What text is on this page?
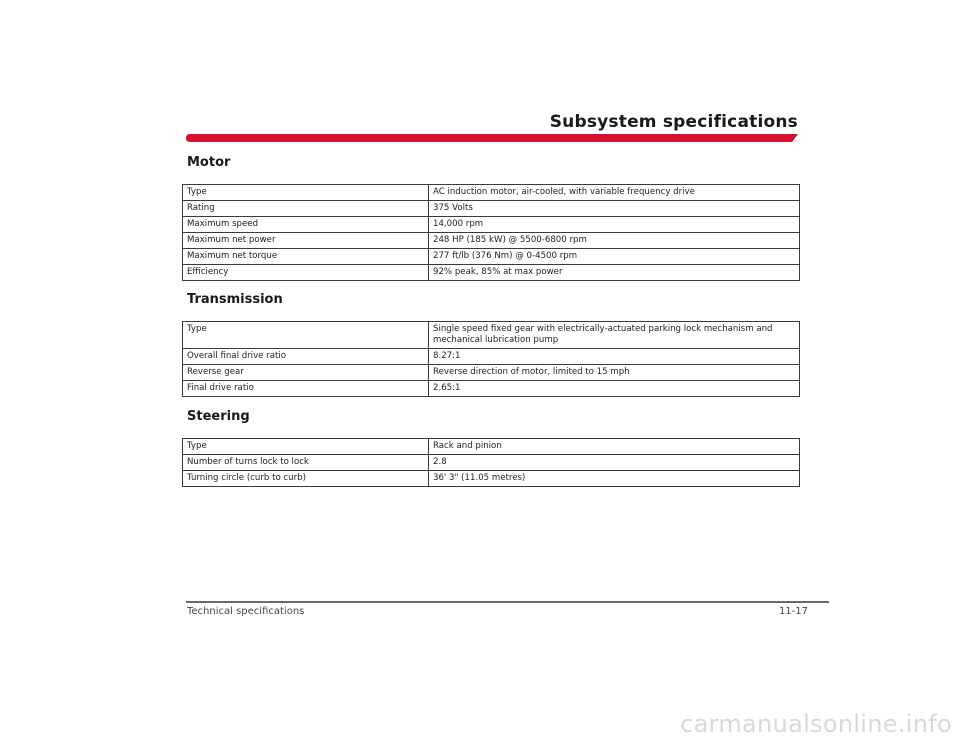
Subsystem specifications
Motor
Type	AC induction motor, air-cooled, with variable frequency drive
Rating	375 Volts
Maximum speed	14,000 rpm
Maximum net power	248 HP (185 kW) @ 5500-6800 rpm
Maximum net torque	277 ft/lb (376 Nm) @ 0-4500 rpm
Efficiency	92% peak, 85% at max power
Transmission
Type	Single speed fixed gear with electrically-actuated parking lock mechanism and
mechanical lubrication pump

Overall final drive ratio	8.27:1
Reverse gear	Reverse direction of motor, limited to 15 mph
Final drive ratio	2.65:1
Steering
Type	Rack and pinion
Number of turns lock to lock	2.8
Turning circle (curb to curb)	36' 3" (11.05 metres)
Technical specifications	11-17
carmanualsonline.info
